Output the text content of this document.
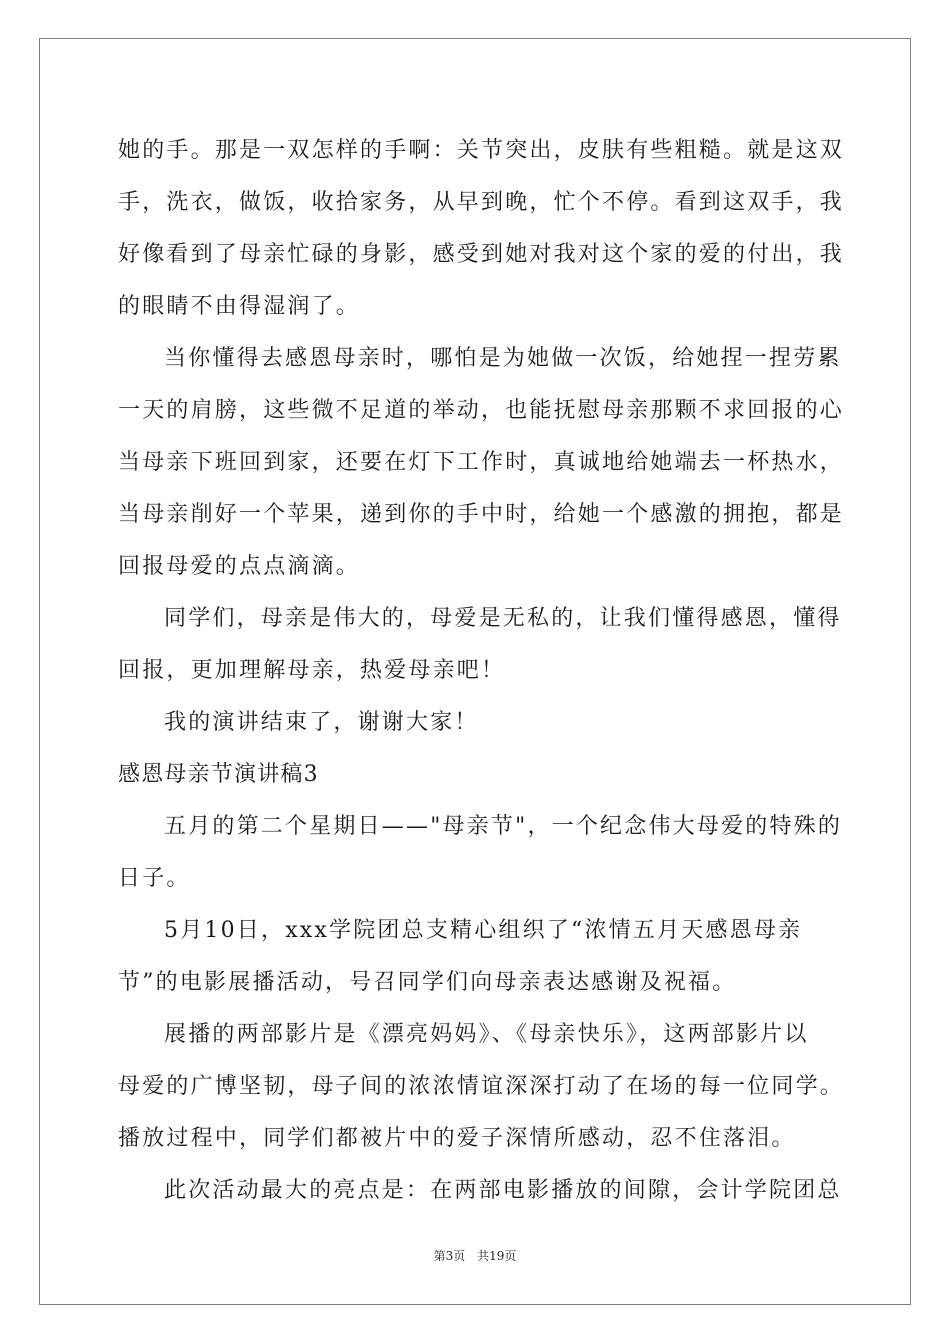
她的手。那是一双怎样的手啊：关节突出，皮肤有些粗糙。就是这双
手，洗衣，做饭，收拾家务，从早到晚，忙个不停。看到这双手，我
好像看到了母亲忙碌的身影，感受到她对我对这个家的爱的付出，我
的眼睛不由得湿润了。
当你懂得去感恩母亲时，哪怕是为她做一次饭，给她捏一捏劳累
一天的肩膀，这些微不足道的举动，也能抚慰母亲那颗不求回报的心
当母亲下班回到家，还要在灯下工作时，真诚地给她端去一杯热水，
当母亲削好一个苹果，递到你的手中时，给她一个感激的拥抱，都是
回报母爱的点点滴滴。
同学们，母亲是伟大的，母爱是无私的，让我们懂得感恩，懂得
回报，更加理解母亲，热爱母亲吧！
我的演讲结束了，谢谢大家！
感恩母亲节演讲稿3
五月的第二个星期日——"母亲节"，一个纪念伟大母爱的特殊的
日子。
5月10日，xxx学院团总支精心组织了“浓情五月天感恩母亲
节”的电影展播活动，号召同学们向母亲表达感谢及祝福。
展播的两部影片是《漂亮妈妈》、《母亲快乐》，这两部影片以
母爱的广博坚韧，母子间的浓浓情谊深深打动了在场的每一位同学。
播放过程中，同学们都被片中的爱子深情所感动，忍不住落泪。
此次活动最大的亮点是：在两部电影播放的间隙，会计学院团总
第3页 共19页
